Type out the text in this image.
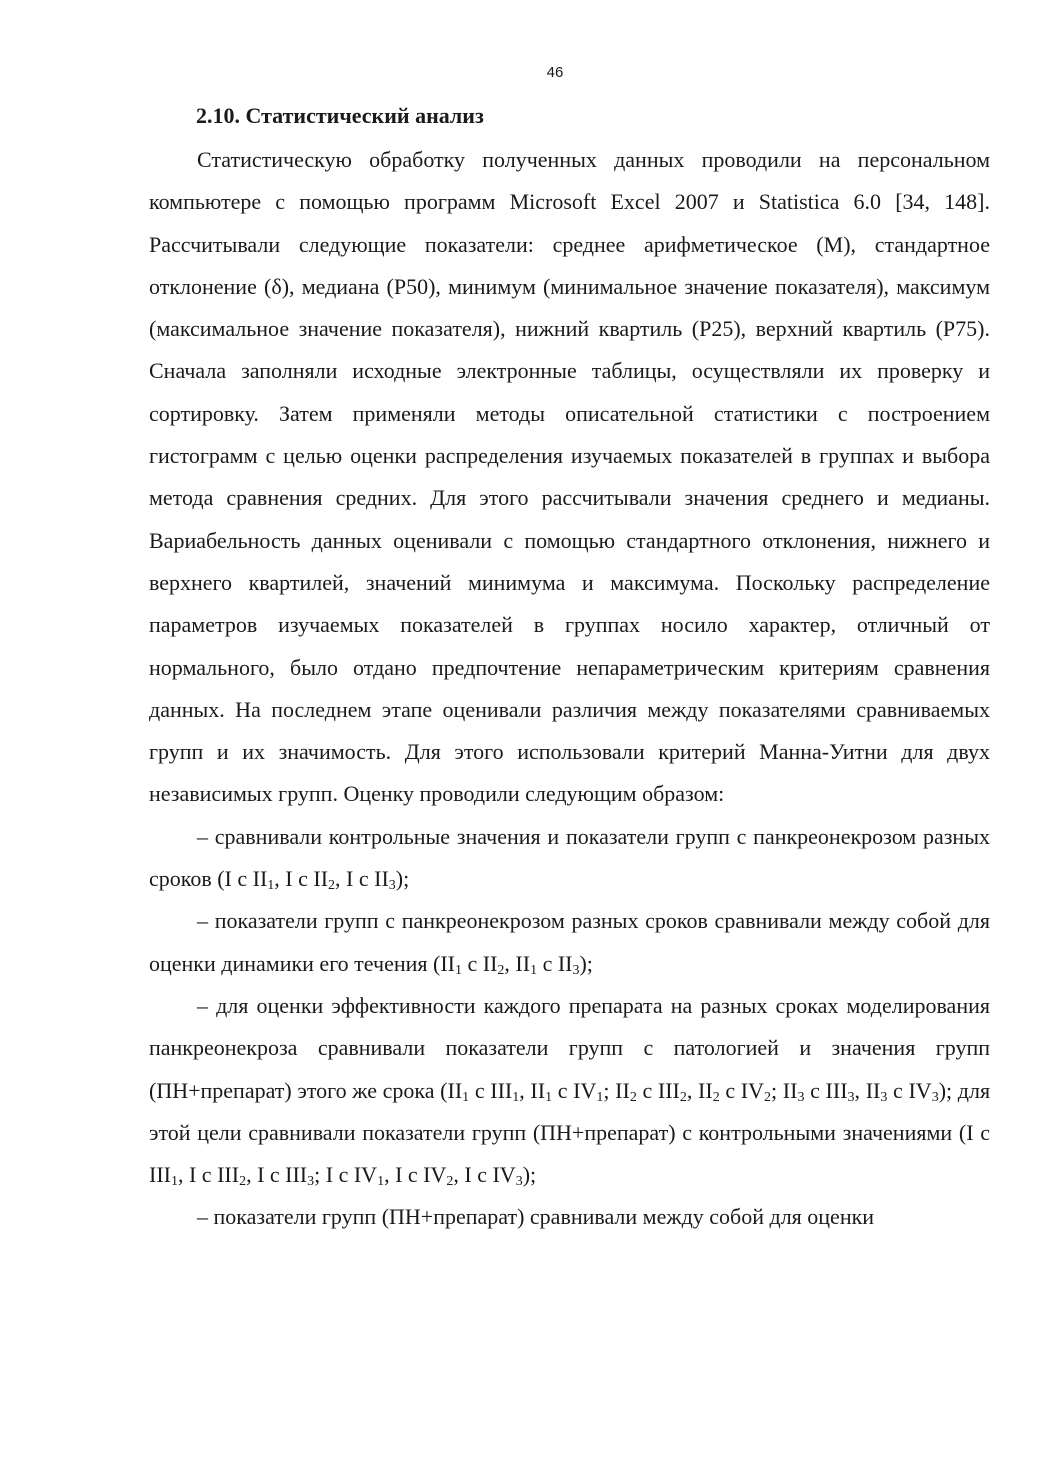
46
2.10. Статистический анализ

Статистическую обработку полученных данных проводили на персональном компьютере с помощью программ Microsoft Excel 2007 и Statistica 6.0 [34, 148]. Рассчитывали следующие показатели: среднее арифметическое (М), стандартное отклонение (δ), медиана (Р50), минимум (минимальное значение показателя), максимум (максимальное значение показателя), нижний квартиль (Р25), верхний квартиль (Р75). Сначала заполняли исходные электронные таблицы, осуществляли их проверку и сортировку. Затем применяли методы описательной статистики с построением гистограмм с целью оценки распределения изучаемых показателей в группах и выбора метода сравнения средних. Для этого рассчитывали значения среднего и медианы. Вариабельность данных оценивали с помощью стандартного отклонения, нижнего и верхнего квартилей, значений минимума и максимума. Поскольку распределение параметров изучаемых показателей в группах носило характер, отличный от нормального, было отдано предпочтение непараметрическим критериям сравнения данных. На последнем этапе оценивали различия между показателями сравниваемых групп и их значимость. Для этого использовали критерий Манна-Уитни для двух независимых групп. Оценку проводили следующим образом:

– сравнивали контрольные значения и показатели групп с панкреонекрозом разных сроков (I с $II_1$, I с $II_2$, I с $II_3$);

– показатели групп с панкреонекрозом разных сроков сравнивали между собой для оценки динамики его течения ($II_1$ с $II_2$, $II_1$ с $II_3$);

– для оценки эффективности каждого препарата на разных сроках моделирования панкреонекроза сравнивали показатели групп с патологией и значения групп (ПН+препарат) этого же срока ($II_1$ с $III_1$, $II_1$ с $IV_1$; $II_2$ с $III_2$, $II_2$ с $IV_2$; $II_3$ с $III_3$, $II_3$ с $IV_3$); для этой цели сравнивали показатели групп (ПН+препарат) с контрольными значениями (I с $III_1$, I с $III_2$, I с $III_3$; I с $IV_1$, I с $IV_2$, I с $IV_3$);

– показатели групп (ПН+препарат) сравнивали между собой для оценки
